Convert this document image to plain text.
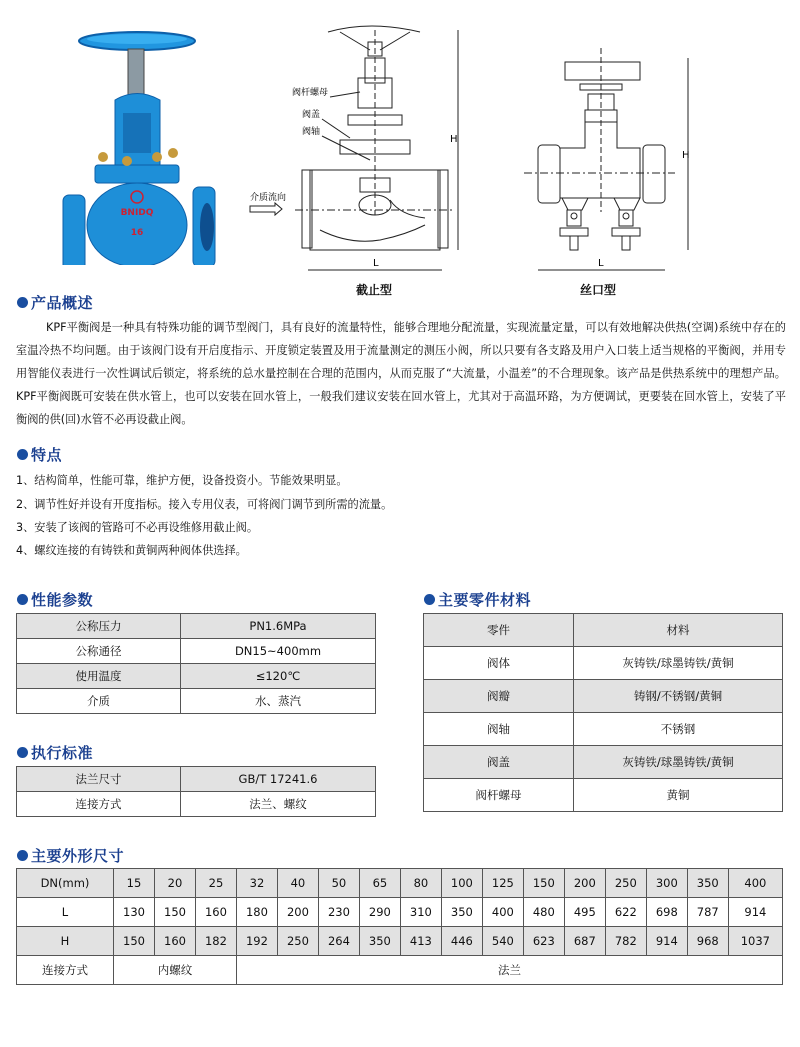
BNIDQ
16
H
L
阀杆螺母
阀盖
阀轴
介质流向
截止型
H
L
丝口型
产品概述

KPF平衡阀是一种具有特殊功能的调节型阀门，具有良好的流量特性，能够合理地分配流量，实现流量定量，可以有效地解决供热(空调)系统中存在的室温冷热不均问题。由于该阀门设有开启度指示、开度锁定装置及用于流量测定的测压小阀，所以只要有各支路及用户入口装上适当规格的平衡阀，并用专用智能仪表进行一次性调试后锁定，将系统的总水量控制在合理的范围内，从而克服了“大流量，小温差”的不合理现象。该产品是供热系统中的理想产品。KPF平衡阀既可安装在供水管上，也可以安装在回水管上，一般我们建议安装在回水管上，尤其对于高温环路，为方便调试，更要装在回水管上，安装了平衡阀的供(回)水管不必再设截止阀。

特点
1、结构简单，性能可靠，维护方便，设备投资小。节能效果明显。
2、调节性好并设有开度指标。接入专用仪表，可将阀门调节到所需的流量。
3、安装了该阀的管路可不必再设维修用截止阀。
4、螺纹连接的有铸铁和黄铜两种阀体供选择。
性能参数
公称压力	PN1.6MPa
公称通径	DN15~400mm
使用温度	≤120℃
介质	水、蒸汽
执行标准
法兰尺寸	GB/T 17241.6
连接方式	法兰、螺纹
主要零件材料
零件	材料
阀体	灰铸铁/球墨铸铁/黄铜
阀瓣	铸钢/不锈钢/黄铜
阀轴	不锈钢
阀盖	灰铸铁/球墨铸铁/黄铜
阀杆螺母	黄铜
主要外形尺寸
DN(mm)	15	20	25	32	40	50	65	80	100	125	150	200	250	300	350	400
L	130	150	160	180	200	230	290	310	350	400	480	495	622	698	787	914
H	150	160	182	192	250	264	350	413	446	540	623	687	782	914	968	1037
连接方式	内螺纹			法兰												
